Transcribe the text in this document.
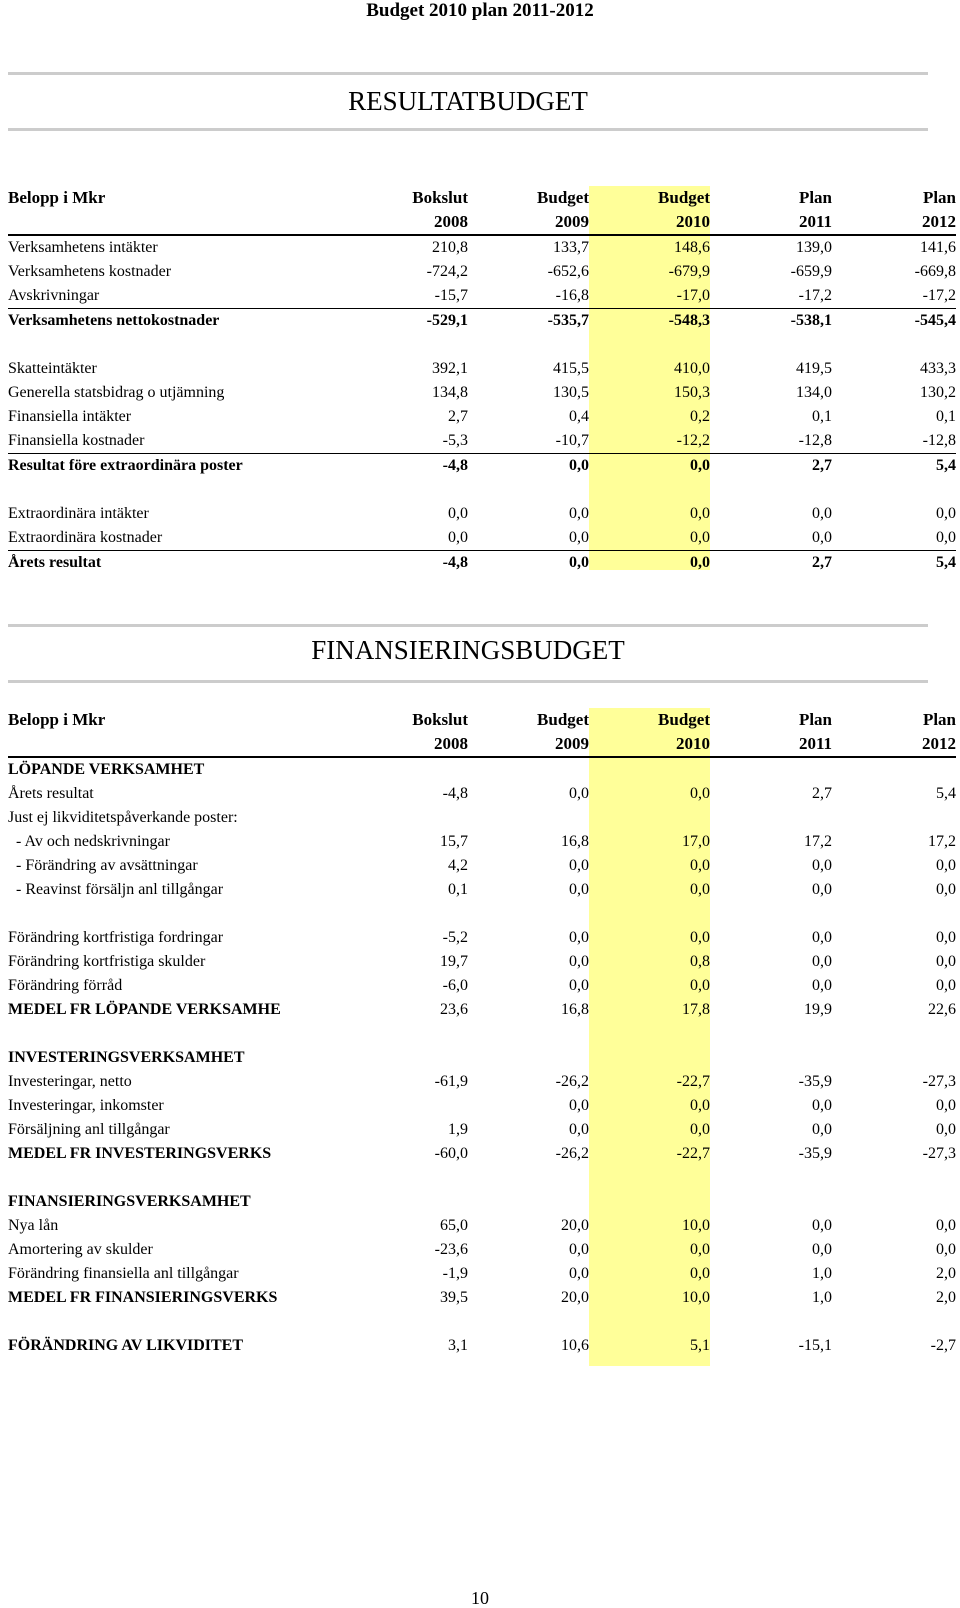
Budget 2010 plan 2011-2012
RESULTATBUDGET
Belopp i Mkr	Bokslut	Budget	Budget	Plan	Plan
	2008	2009	2010	2011	2012
Verksamhetens intäkter	210,8	133,7	148,6	139,0	141,6
Verksamhetens kostnader	-724,2	-652,6	-679,9	-659,9	-669,8
Avskrivningar	-15,7	-16,8	-17,0	-17,2	-17,2
Verksamhetens nettokostnader	-529,1	-535,7	-548,3	-538,1	-545,4

Skatteintäkter	392,1	415,5	410,0	419,5	433,3
Generella statsbidrag o utjämning	134,8	130,5	150,3	134,0	130,2
Finansiella intäkter	2,7	0,4	0,2	0,1	0,1
Finansiella kostnader	-5,3	-10,7	-12,2	-12,8	-12,8
Resultat före extraordinära poster	-4,8	0,0	0,0	2,7	5,4

Extraordinära intäkter	0,0	0,0	0,0	0,0	0,0
Extraordinära kostnader	0,0	0,0	0,0	0,0	0,0
Årets resultat	-4,8	0,0	0,0	2,7	5,4
FINANSIERINGSBUDGET
Belopp i Mkr	Bokslut	Budget	Budget	Plan	Plan
	2008	2009	2010	2011	2012
LÖPANDE VERKSAMHET					
Årets resultat	-4,8	0,0	0,0	2,7	5,4
Just ej likviditetspåverkande poster:					
- Av och nedskrivningar	15,7	16,8	17,0	17,2	17,2
- Förändring av avsättningar	4,2	0,0	0,0	0,0	0,0
- Reavinst försäljn anl tillgångar	0,1	0,0	0,0	0,0	0,0

Förändring kortfristiga fordringar	-5,2	0,0	0,0	0,0	0,0
Förändring kortfristiga skulder	19,7	0,0	0,8	0,0	0,0
Förändring förråd	-6,0	0,0	0,0	0,0	0,0
MEDEL FR LÖPANDE VERKSAMHE	23,6	16,8	17,8	19,9	22,6

INVESTERINGSVERKSAMHET					
Investeringar, netto	-61,9	-26,2	-22,7	-35,9	-27,3
Investeringar, inkomster		0,0	0,0	0,0	0,0
Försäljning anl tillgångar	1,9	0,0	0,0	0,0	0,0
MEDEL FR INVESTERINGSVERKS	-60,0	-26,2	-22,7	-35,9	-27,3

FINANSIERINGSVERKSAMHET					
Nya lån	65,0	20,0	10,0	0,0	0,0
Amortering av skulder	-23,6	0,0	0,0	0,0	0,0
Förändring finansiella anl tillgångar	-1,9	0,0	0,0	1,0	2,0
MEDEL FR FINANSIERINGSVERKS	39,5	20,0	10,0	1,0	2,0

FÖRÄNDRING AV LIKVIDITET	3,1	10,6	5,1	-15,1	-2,7
10
